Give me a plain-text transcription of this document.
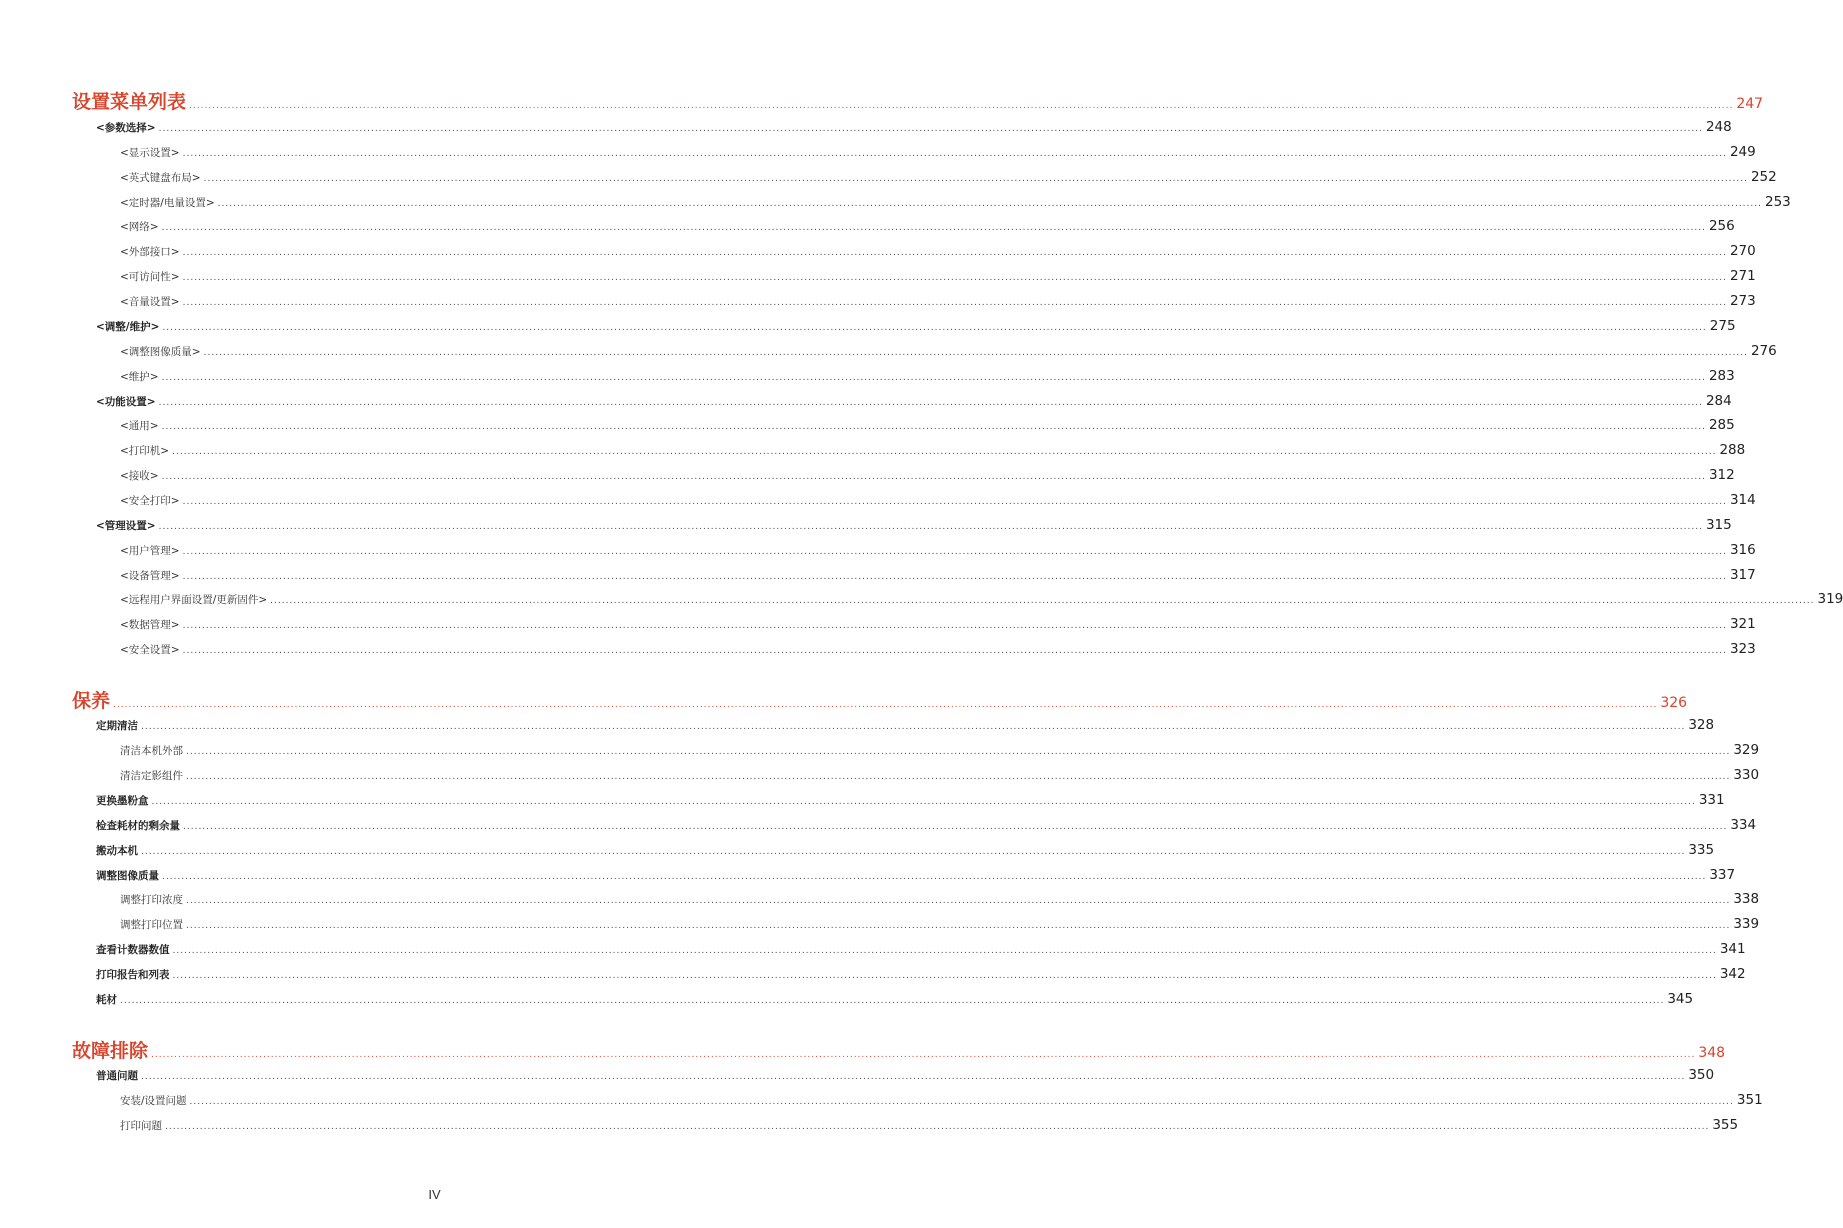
设置菜单列表 ................................................................................................................................................................................................................................................................................................................................................................................................................ 247
<参数选择> ................................................................................................................................................................................................................................................................................................................................................................................................................ 248
<显示设置> ................................................................................................................................................................................................................................................................................................................................................................................................................ 249
<英式键盘布局> ................................................................................................................................................................................................................................................................................................................................................................................................................ 252
<定时器/电量设置> ................................................................................................................................................................................................................................................................................................................................................................................................................ 253
<网络> ................................................................................................................................................................................................................................................................................................................................................................................................................ 256
<外部接口> ................................................................................................................................................................................................................................................................................................................................................................................................................ 270
<可访问性> ................................................................................................................................................................................................................................................................................................................................................................................................................ 271
<音量设置> ................................................................................................................................................................................................................................................................................................................................................................................................................ 273
<调整/维护> ................................................................................................................................................................................................................................................................................................................................................................................................................ 275
<调整图像质量> ................................................................................................................................................................................................................................................................................................................................................................................................................ 276
<维护> ................................................................................................................................................................................................................................................................................................................................................................................................................ 283
<功能设置> ................................................................................................................................................................................................................................................................................................................................................................................................................ 284
<通用> ................................................................................................................................................................................................................................................................................................................................................................................................................ 285
<打印机> ................................................................................................................................................................................................................................................................................................................................................................................................................ 288
<接收> ................................................................................................................................................................................................................................................................................................................................................................................................................ 312
<安全打印> ................................................................................................................................................................................................................................................................................................................................................................................................................ 314
<管理设置> ................................................................................................................................................................................................................................................................................................................................................................................................................ 315
<用户管理> ................................................................................................................................................................................................................................................................................................................................................................................................................ 316
<设备管理> ................................................................................................................................................................................................................................................................................................................................................................................................................ 317
<远程用户界面设置/更新固件> ................................................................................................................................................................................................................................................................................................................................................................................................................ 319
<数据管理> ................................................................................................................................................................................................................................................................................................................................................................................................................ 321
<安全设置> ................................................................................................................................................................................................................................................................................................................................................................................................................ 323
保养 ................................................................................................................................................................................................................................................................................................................................................................................................................ 326
定期清洁 ................................................................................................................................................................................................................................................................................................................................................................................................................ 328
清洁本机外部 ................................................................................................................................................................................................................................................................................................................................................................................................................ 329
清洁定影组件 ................................................................................................................................................................................................................................................................................................................................................................................................................ 330
更换墨粉盒 ................................................................................................................................................................................................................................................................................................................................................................................................................ 331
检查耗材的剩余量 ................................................................................................................................................................................................................................................................................................................................................................................................................ 334
搬动本机 ................................................................................................................................................................................................................................................................................................................................................................................................................ 335
调整图像质量 ................................................................................................................................................................................................................................................................................................................................................................................................................ 337
调整打印浓度 ................................................................................................................................................................................................................................................................................................................................................................................................................ 338
调整打印位置 ................................................................................................................................................................................................................................................................................................................................................................................................................ 339
查看计数器数值 ................................................................................................................................................................................................................................................................................................................................................................................................................ 341
打印报告和列表 ................................................................................................................................................................................................................................................................................................................................................................................................................ 342
耗材 ................................................................................................................................................................................................................................................................................................................................................................................................................ 345
故障排除 ................................................................................................................................................................................................................................................................................................................................................................................................................ 348
普通问题 ................................................................................................................................................................................................................................................................................................................................................................................................................ 350
安装/设置问题 ................................................................................................................................................................................................................................................................................................................................................................................................................ 351
打印问题 ................................................................................................................................................................................................................................................................................................................................................................................................................ 355
IV
